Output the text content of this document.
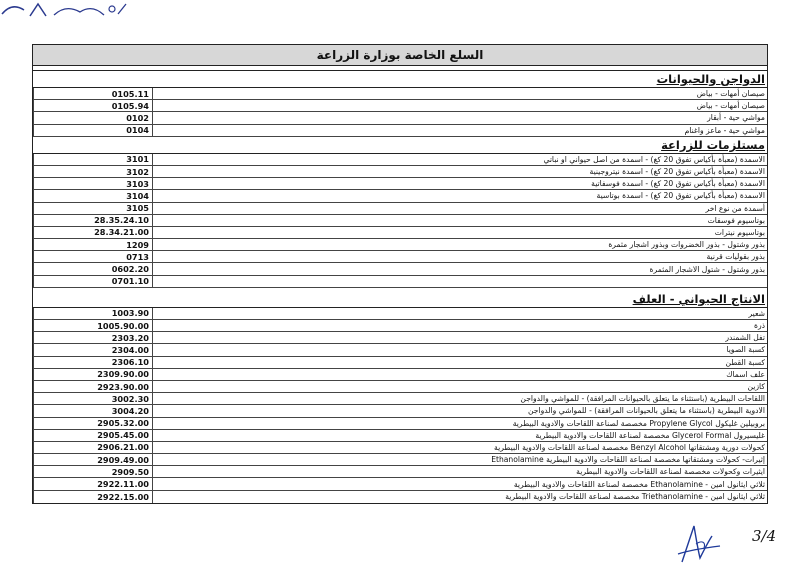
السلع الخاصة بوزارة الزراعة
الدواجن والحيوانات
صيصان أمهات - بياض
0105.11
صيصان أمهات - بياض
0105.94
مواشي حية - أبقار
0102
مواشي حية - ماعز واغنام
0104
مستلزمات للزراعة
الاسمدة (معبأة بأكياس تفوق 20 كغ) - اسمدة من اصل حيواني او نباتي
3101
الاسمدة (معبأة بأكياس تفوق 20 كغ) - اسمدة نيتروجينية
3102
الاسمدة (معبأة بأكياس تفوق 20 كغ) - اسمدة فوسفاتية
3103
الاسمدة (معبأة بأكياس تفوق 20 كغ) - اسمدة بوتاسية
3104
أسمدة من نوع اخر
3105
بوتاسيوم فوسفات
28.35.24.10
بوتاسيوم نيترات
28.34.21.00
بذور وشتول - بذور الخضروات وبذور اشجار مثمرة
1209
بذور بقوليات قرنية
0713
بذور وشتول - شتول الاشجار المثمرة
0602.20
0701.10
الانتاج الحيواني - العلف
شعير
1003.90
ذرة
1005.90.00
تفل الشمندر
2303.20
كسبة الصويا
2304.00
كسبة القطن
2306.10
علف اسماك
2309.90.00
كازين
2923.90.00
اللقاحات البيطرية (باستثناء ما يتعلق بالحيوانات المرافقة) - للمواشي والدواجن
3002.30
الادوية البيطرية (باستثناء ما يتعلق بالحيوانات المرافقة) - للمواشي والدواجن
3004.20
بروبيلين غليكول Propylene Glycol مخصصة لصناعة اللقاحات والادوية البيطرية
2905.32.00
غليسيرول Glycerol Formal مخصصة لصناعة اللقاحات والادوية البيطرية
2905.45.00
كحولات دورية ومشتقاتها Benzyl Alcohol مخصصة لصناعة اللقاحات والادوية البيطرية
2906.21.00
إثيرات- كحولات ومشتقاتها مخصصة لصناعة اللقاحات والادوية البيطرية Ethanolamine
2909.49.00
ايثيرات وكحولات مخصصة لصناعة اللقاحات والادوية البيطرية
2909.50
ثلاثي ايثانول امين - Ethanolamine مخصصة لصناعة اللقاحات والادوية البيطرية
2922.11.00
ثلاثي ايثانول امين - Triethanolamine مخصصة لصناعة اللقاحات والادوية البيطرية
2922.15.00
3/4
